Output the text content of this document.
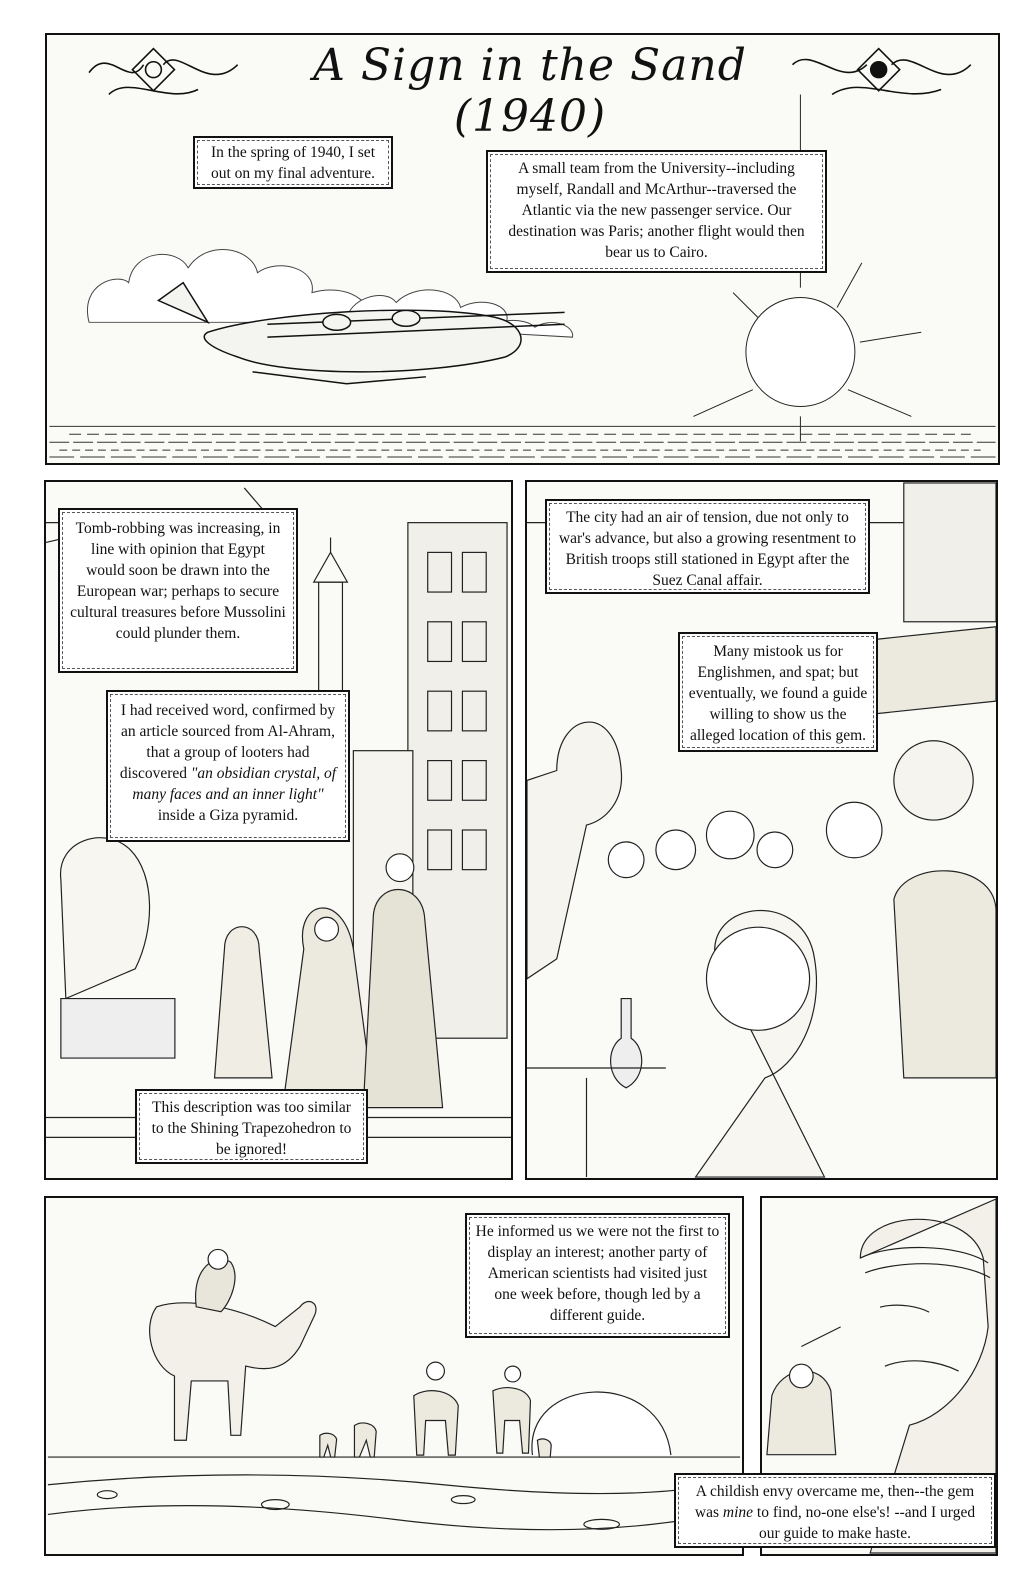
A Sign in the Sand (1940)
In the spring of 1940, I set out on my final adventure.	A small team from the University--including myself, Randall and McArthur--traversed the Atlantic via the new passenger service. Our destination was Paris; another flight would then bear us to Cairo.
Tomb-robbing was increasing, in line with opinion that Egypt would soon be drawn into the European war; perhaps to secure cultural treasures before Mussolini could plunder them.
I had received word, confirmed by an article sourced from Al-Ahram, that a group of looters had discovered "an obsidian crystal, of many faces and an inner light" inside a Giza pyramid.
This description was too similar to the Shining Trapezohedron to be ignored!
The city had an air of tension, due not only to war's advance, but also a growing resentment to British troops still stationed in Egypt after the Suez Canal affair.
Many mistook us for Englishmen, and spat; but eventually, we found a guide willing to show us the alleged location of this gem.
He informed us we were not the first to display an interest; another party of American scientists had visited just one week before, though led by a different guide.
A childish envy overcame me, then--the gem was mine to find, no-one else's! --and I urged our guide to make haste.
